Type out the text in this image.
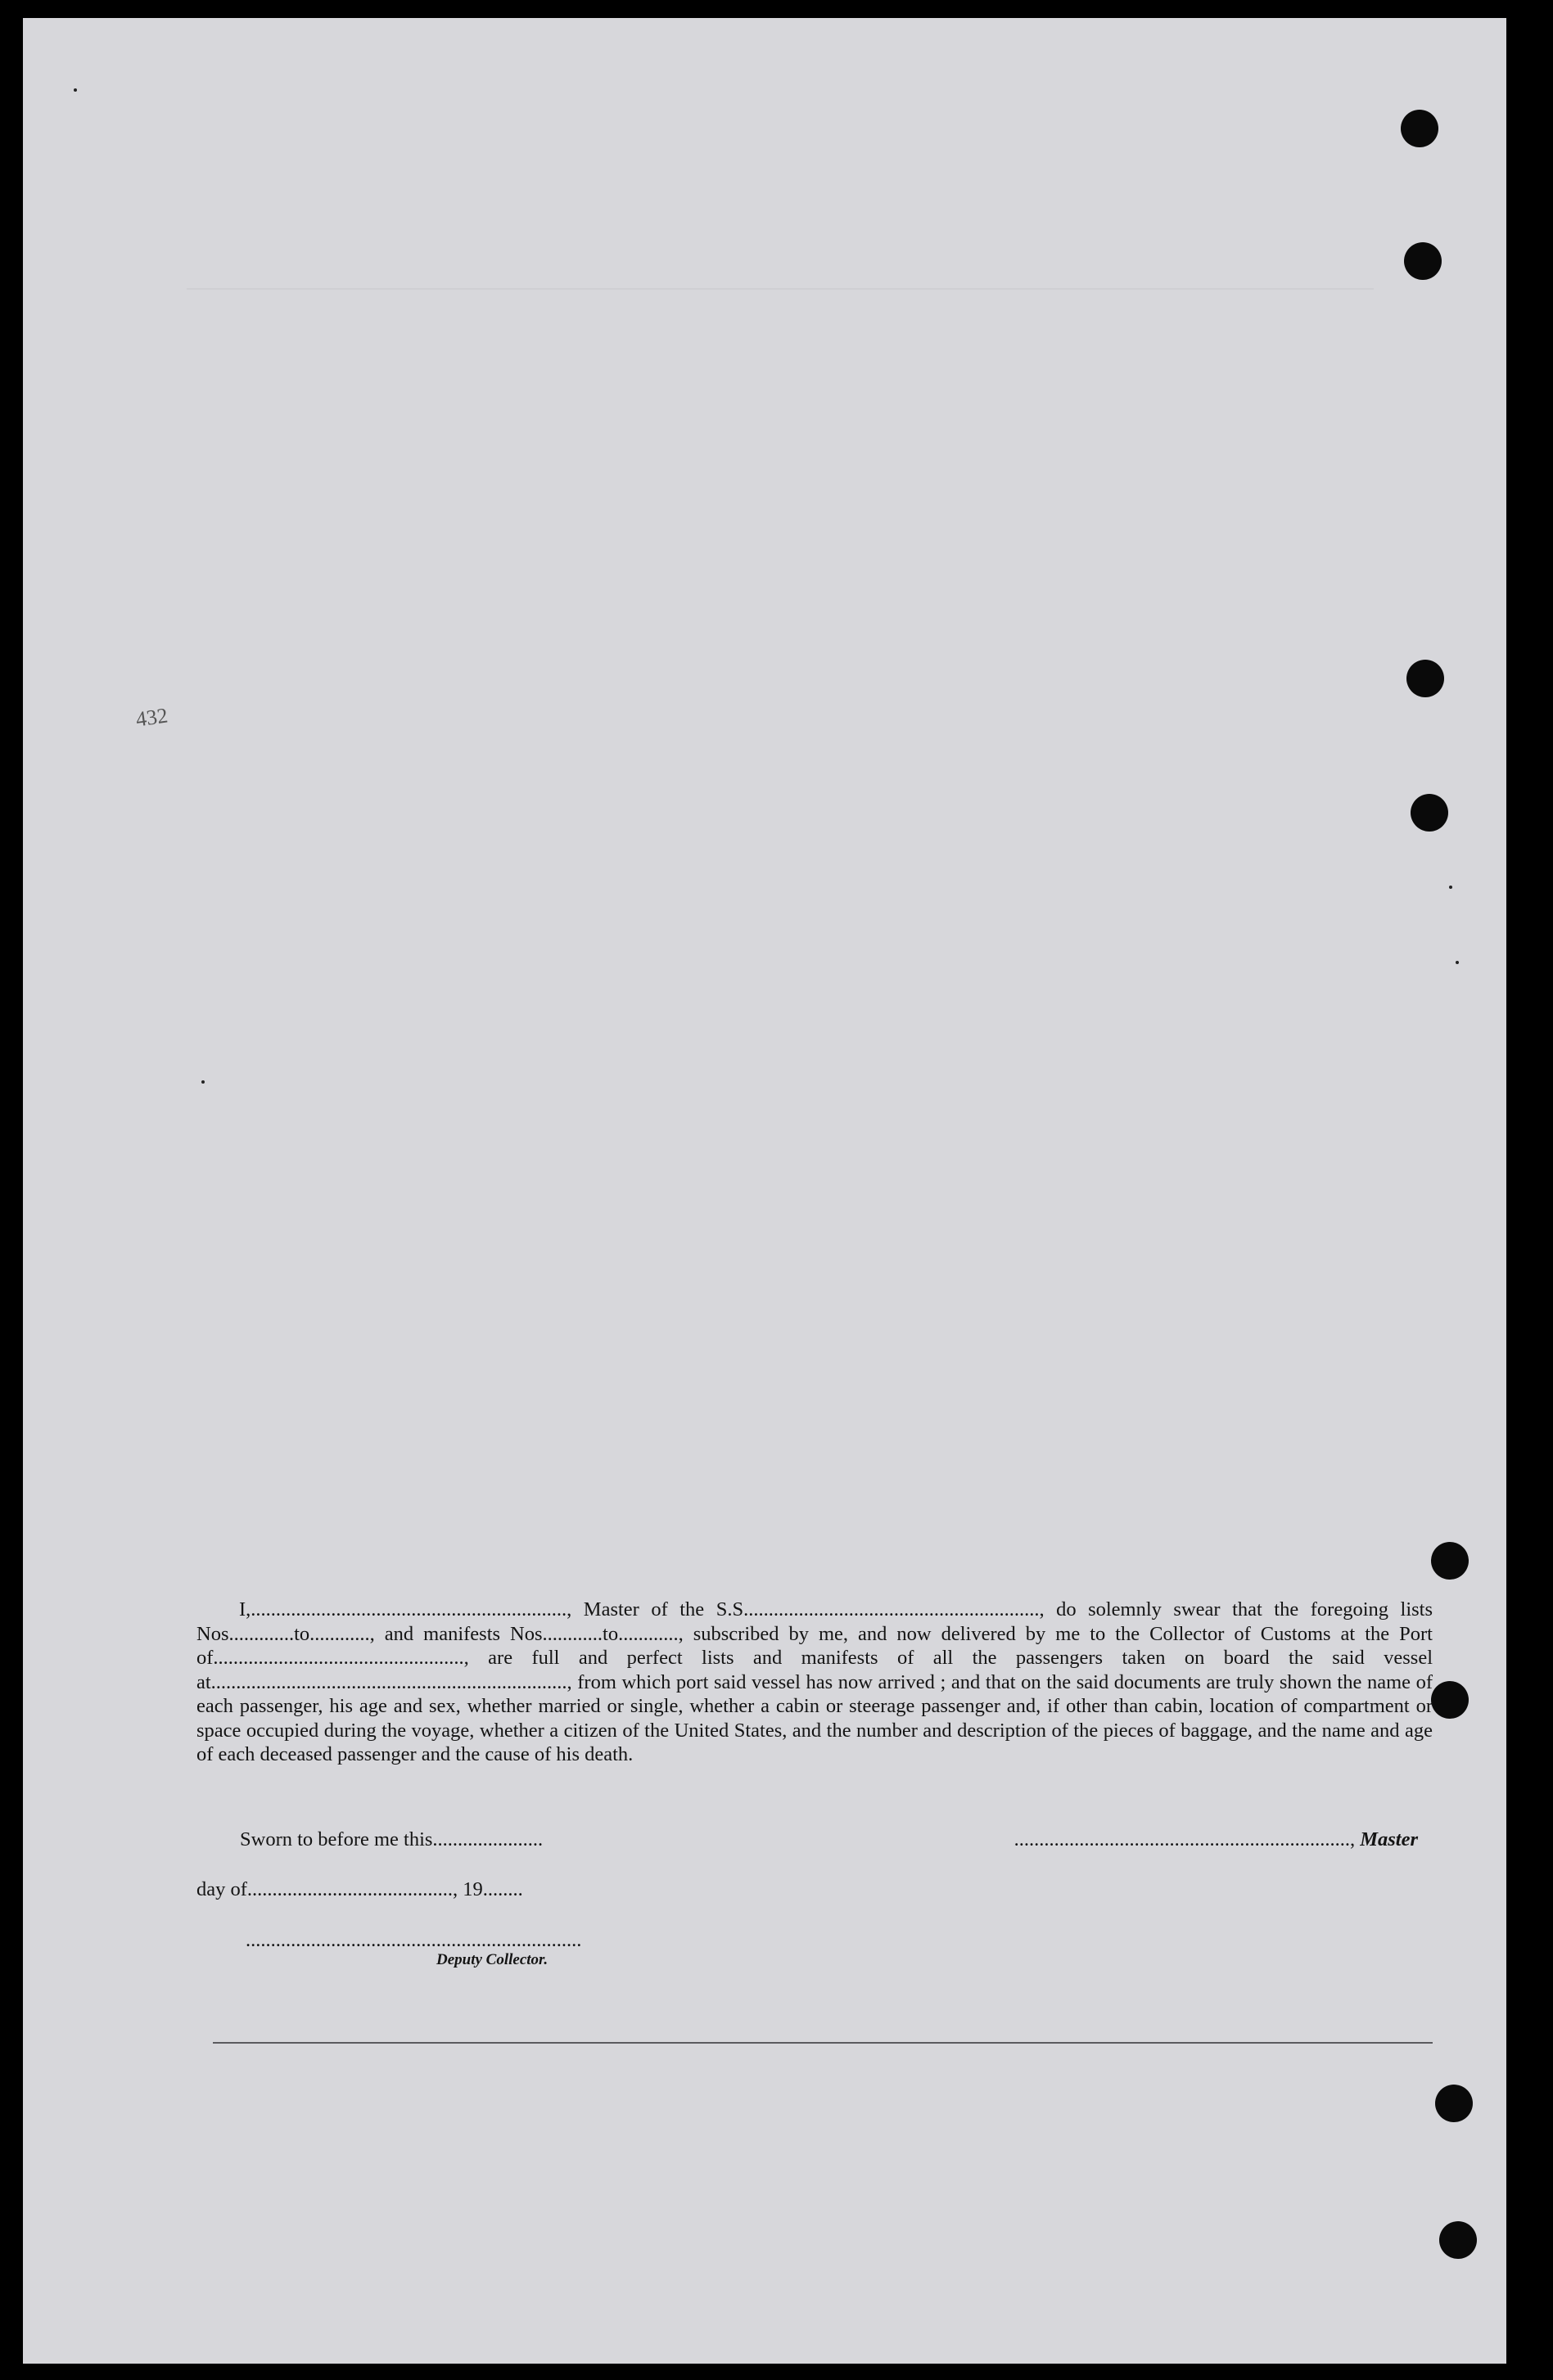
432
I,..............................................................., Master of the S.S..........................................................., do solemnly swear that the foregoing lists Nos.............to............, and manifests Nos............to............, subscribed by me, and now delivered by me to the Collector of Customs at the Port of.................................................., are full and perfect lists and manifests of all the passengers taken on board the said vessel at......................................................................., from which port said vessel has now arrived ; and that on the said documents are truly shown the name of each passenger, his age and sex, whether married or single, whether a cabin or steerage passenger and, if other than cabin, location of compartment or space occupied during the voyage, whether a citizen of the United States, and the number and description of the pieces of baggage, and the name and age of each deceased passenger and the cause of his death.
Sworn to before me this......................	..................................................................., Master
day of........................................., 19........
...................................................................
Deputy Collector.
